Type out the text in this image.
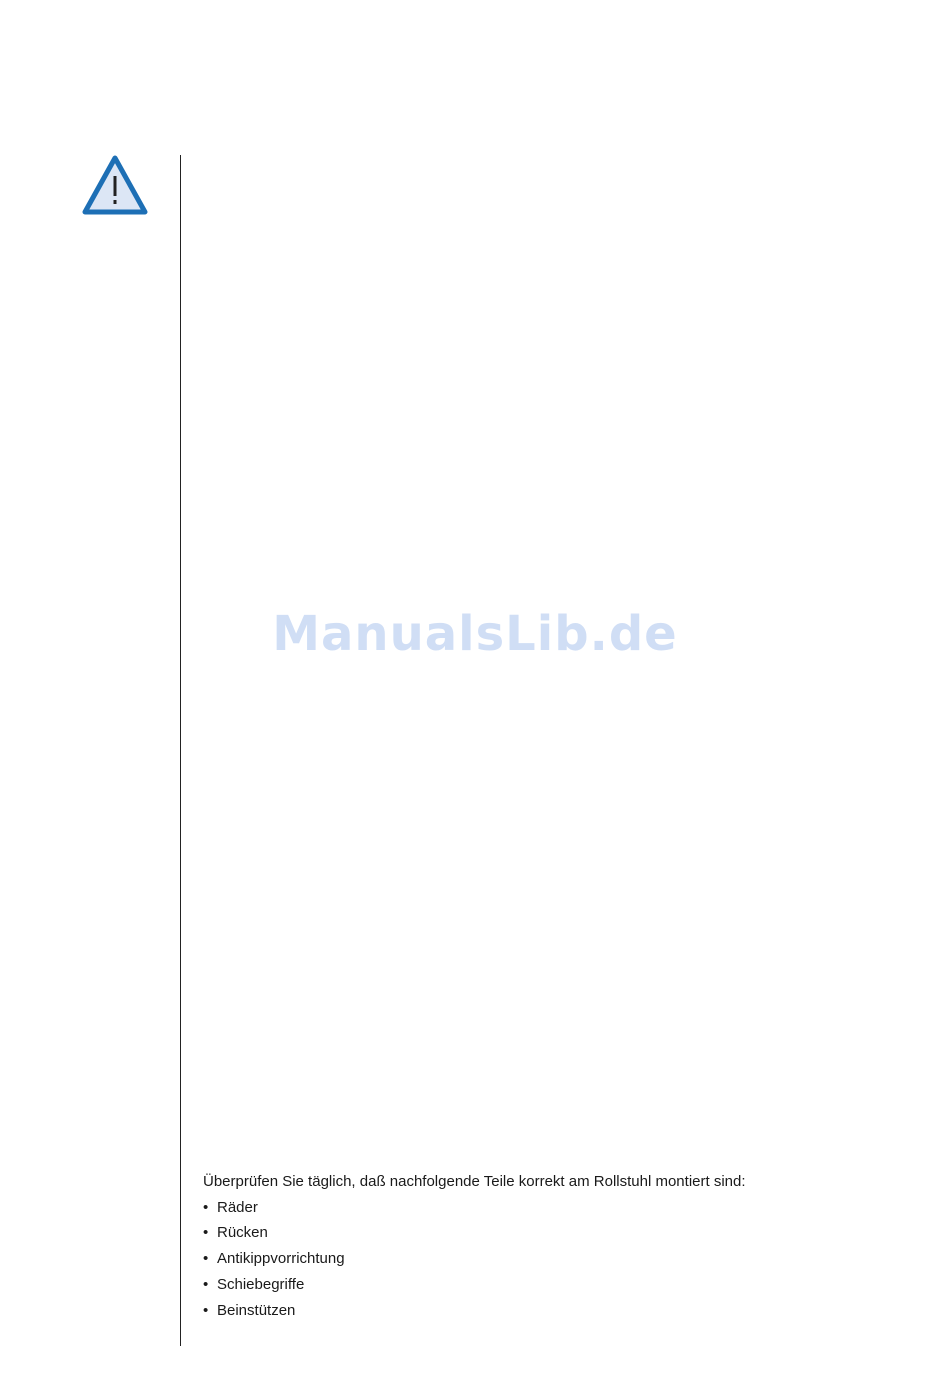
Überprüfen Sie täglich, daß nachfolgende Teile korrekt am Rollstuhl montiert sind:
• Räder
• Rücken
• Antikippvorrichtung
• Schiebegriffe
• Beinstützen
ManualsLib.de
